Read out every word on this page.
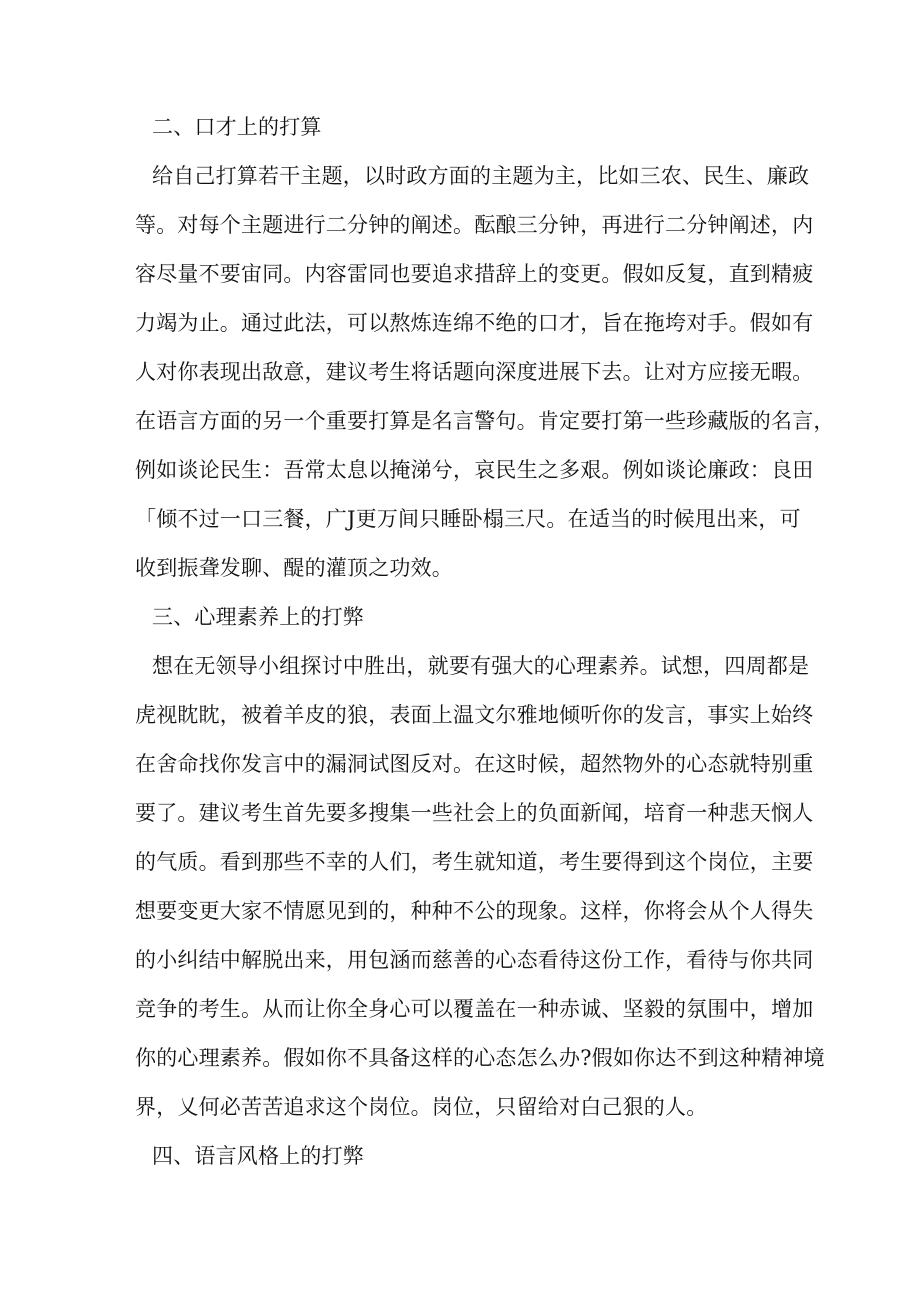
二、口才上的打算
给自己打算若干主题，以时政方面的主题为主，比如三农、民生、廉政
等。对每个主题进行二分钟的阐述。酝酿三分钟，再进行二分钟阐述，内
容尽量不要宙同。内容雷同也要追求措辞上的变更。假如反复，直到精疲
力竭为止。通过此法，可以熬炼连绵不绝的口才，旨在拖垮对手。假如有
人对你表现出敌意，建议考生将话题向深度进展下去。让对方应接无暇。
在语言方面的另一个重要打算是名言警句。肯定要打第一些珍藏版的名言，
例如谈论民生：吾常太息以掩涕兮，哀民生之多艰。例如谈论廉政：良田
「倾不过一口三餐，广J更万间只睡卧榻三尺。在适当的时候甩出来，可
收到振聋发聊、醍的灌顶之功效。
三、心理素养上的打弊
想在无领导小组探讨中胜出，就要有强大的心理素养。试想，四周都是
虎视眈眈，被着羊皮的狼，表面上温文尔雅地倾听你的发言，事实上始终
在舍命找你发言中的漏洞试图反对。在这时候，超然物外的心态就特别重
要了。建议考生首先要多搜集一些社会上的负面新闻，培育一种悲天悯人
的气质。看到那些不幸的人们，考生就知道，考生要得到这个岗位，主要
想要变更大家不情愿见到的，种种不公的现象。这样，你将会从个人得失
的小纠结中解脱出来，用包涵而慈善的心态看待这份工作，看待与你共同
竞争的考生。从而让你全身心可以覆盖在一种赤诚、坚毅的氛围中，增加
你的心理素养。假如你不具备这样的心态怎么办?假如你达不到这种精神境
界，乂何必苦苦追求这个岗位。岗位，只留给对白己狠的人。
四、语言风格上的打弊
